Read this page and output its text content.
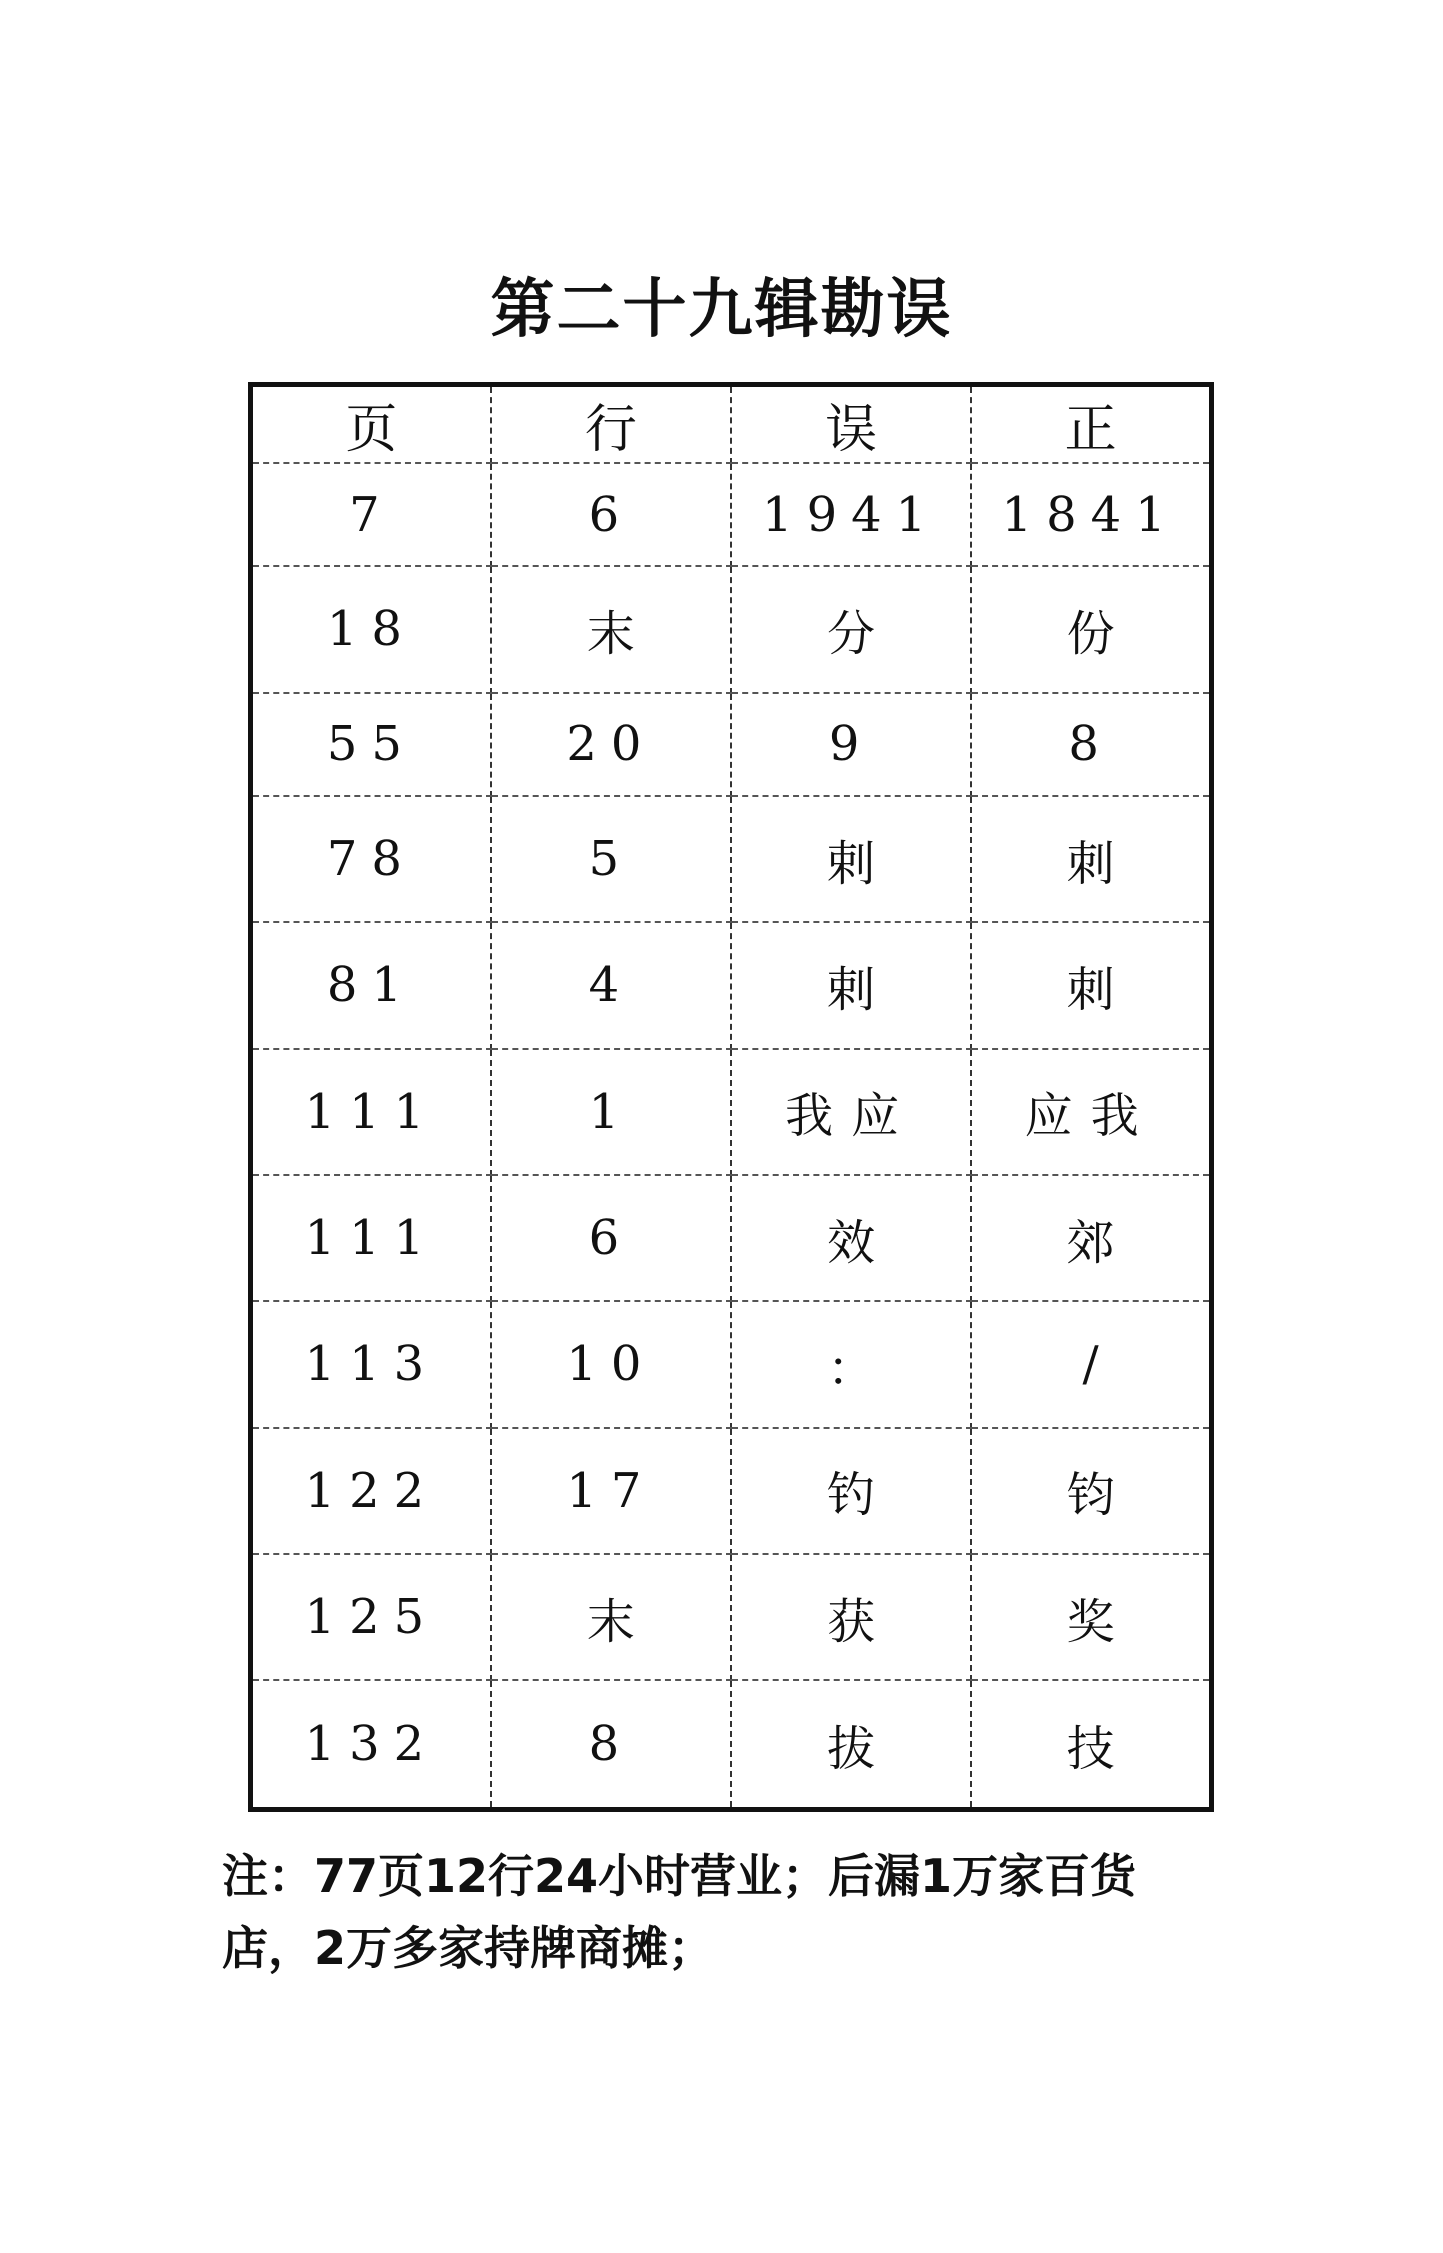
第二十九辑勘误
页	行	误	正
7	6	1941	1841
18	末	分	份
55	20	9	8
78	5	剌	刺
81	4	剌	刺
111	1	我应	应我
111	6	效	郊
113	10	：	/
122	17	钓	钧
125	末	获	奖
132	8	拔	技
注：77页12行24小时营业；后漏1万家百货店，2万多家持牌商摊；
